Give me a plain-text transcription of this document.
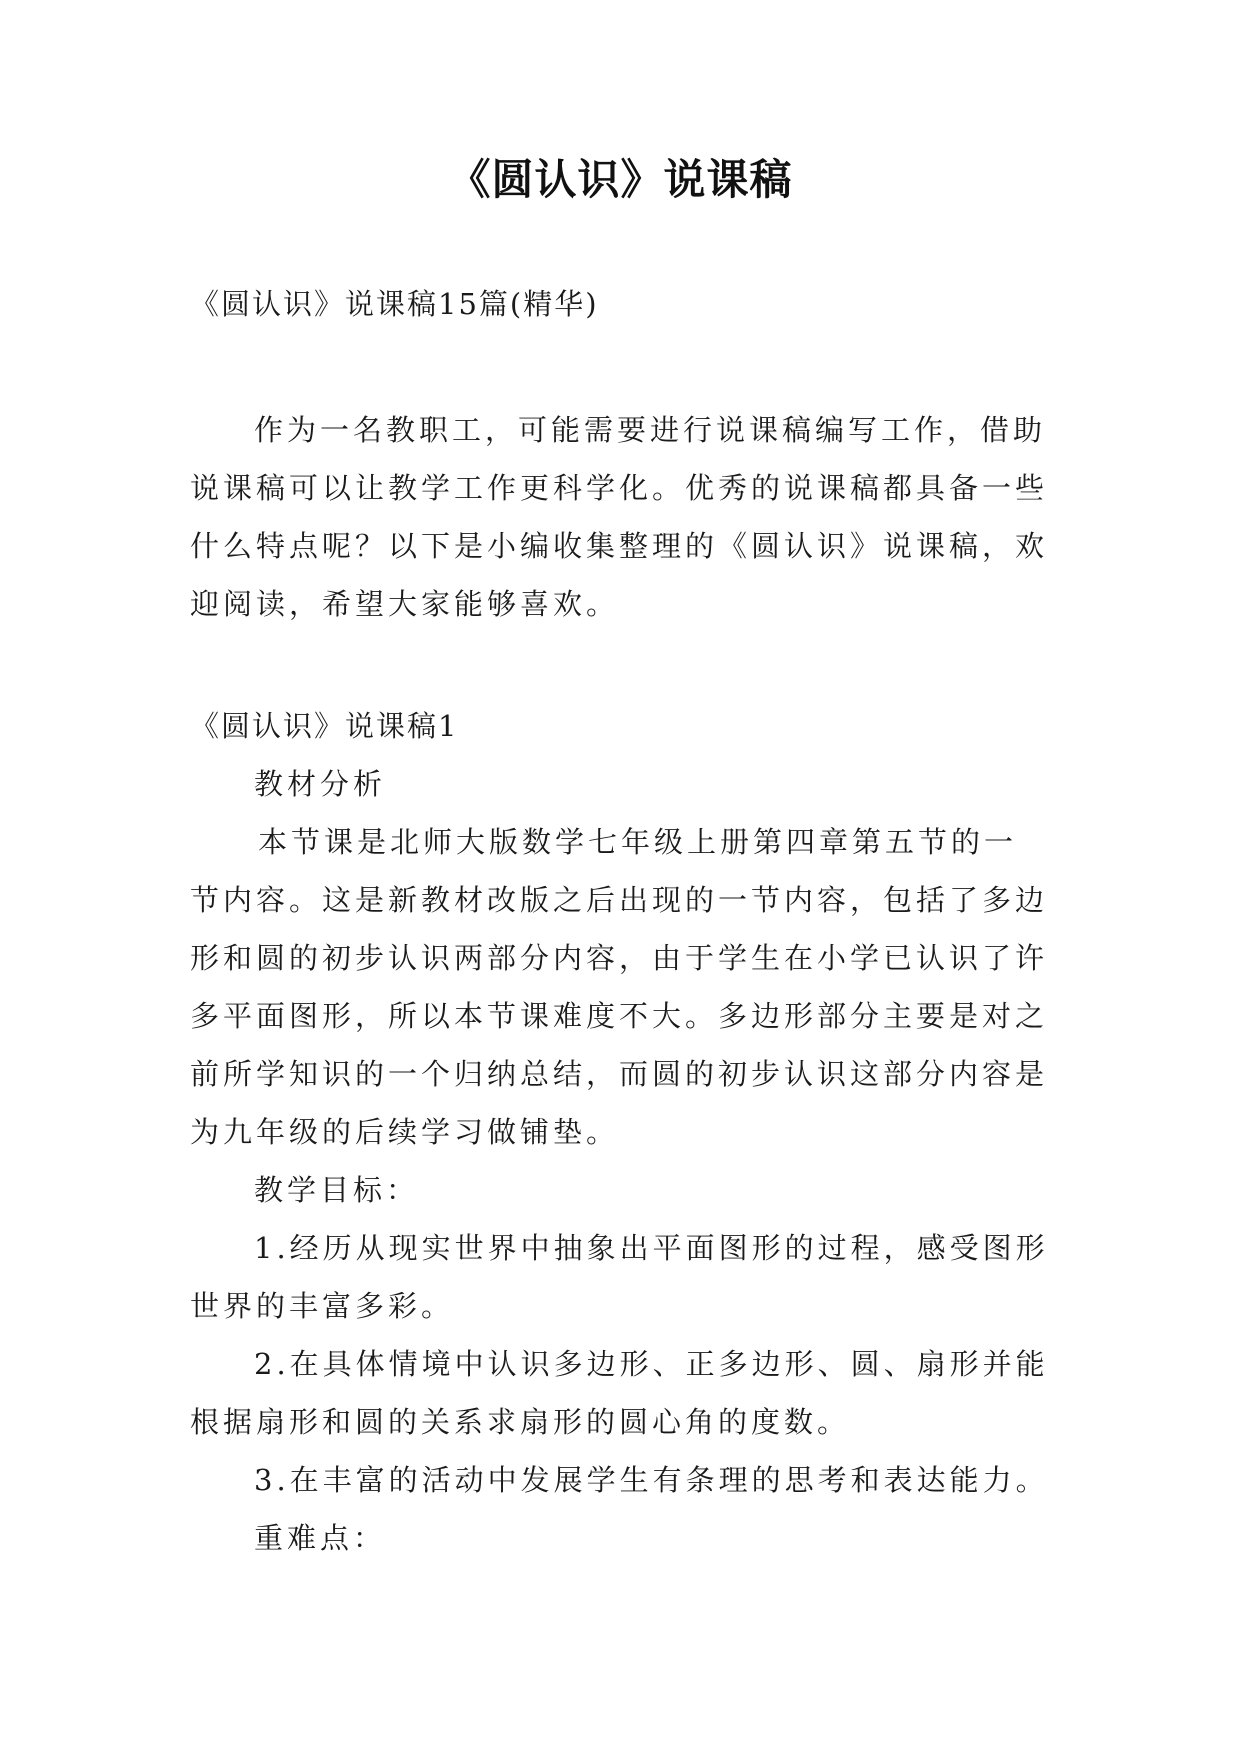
《圆认识》说课稿
《圆认识》说课稿15篇(精华)
作为一名教职工，可能需要进行说课稿编写工作，借助
说课稿可以让教学工作更科学化。优秀的说课稿都具备一些
什么特点呢？以下是小编收集整理的《圆认识》说课稿，欢
迎阅读，希望大家能够喜欢。
《圆认识》说课稿1
教材分析
本节课是北师大版数学七年级上册第四章第五节的一
节内容。这是新教材改版之后出现的一节内容，包括了多边
形和圆的初步认识两部分内容，由于学生在小学已认识了许
多平面图形，所以本节课难度不大。多边形部分主要是对之
前所学知识的一个归纳总结，而圆的初步认识这部分内容是
为九年级的后续学习做铺垫。
教学目标：
1.经历从现实世界中抽象出平面图形的过程，感受图形
世界的丰富多彩。
2.在具体情境中认识多边形、正多边形、圆、扇形并能
根据扇形和圆的关系求扇形的圆心角的度数。
3.在丰富的活动中发展学生有条理的思考和表达能力。
重难点：
